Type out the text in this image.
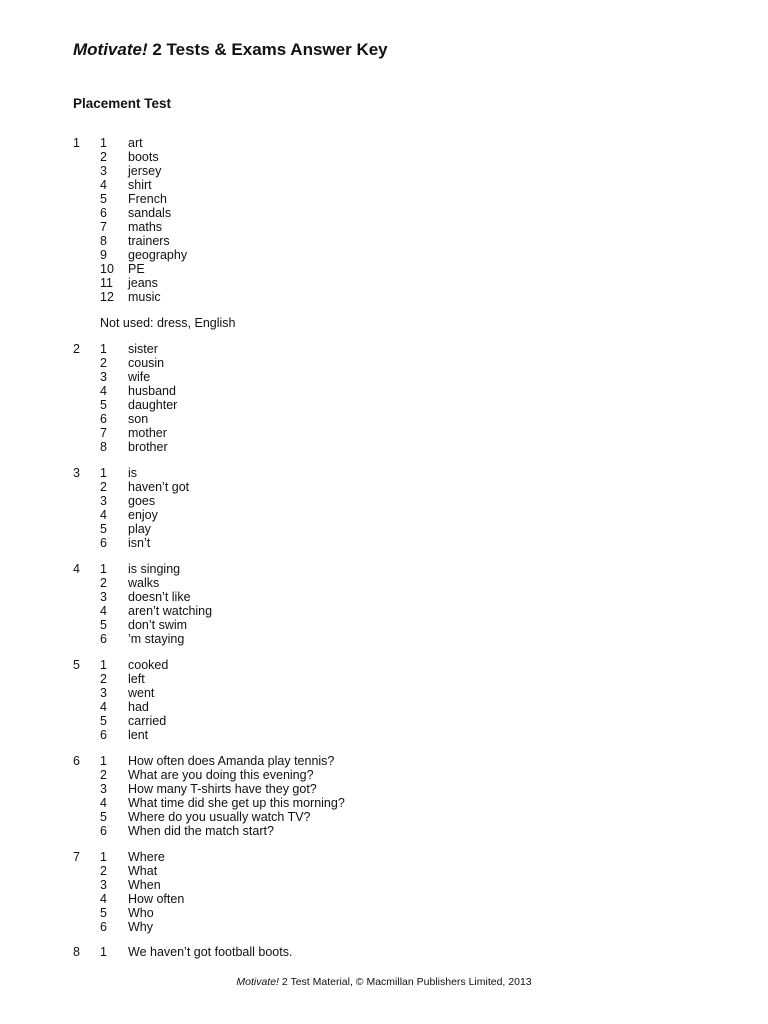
Motivate! 2 Tests & Exams Answer Key
Placement Test
1 1	art
2	boots
3	jersey
4	shirt
5	French
6	sandals
7	maths
8	trainers
9	geography
10	PE
11	jeans
12	music
Not used: dress, English
2 1	sister
2	cousin
3	wife
4	husband
5	daughter
6	son
7	mother
8	brother
3 1	is
2	haven’t got
3	goes
4	enjoy
5	play
6	isn’t
4 1	is singing
2	walks
3	doesn’t like
4	aren’t watching
5	don’t swim
6	’m staying
5 1	cooked
2	left
3	went
4	had
5	carried
6	lent
6 1	How often does Amanda play tennis?
2	What are you doing this evening?
3	How many T-shirts have they got?
4	What time did she get up this morning?
5	Where do you usually watch TV?
6	When did the match start?
7 1	Where
2	What
3	When
4	How often
5	Who
6	Why
8 1	We haven’t got football boots.
Motivate! 2 Test Material, © Macmillan Publishers Limited, 2013
